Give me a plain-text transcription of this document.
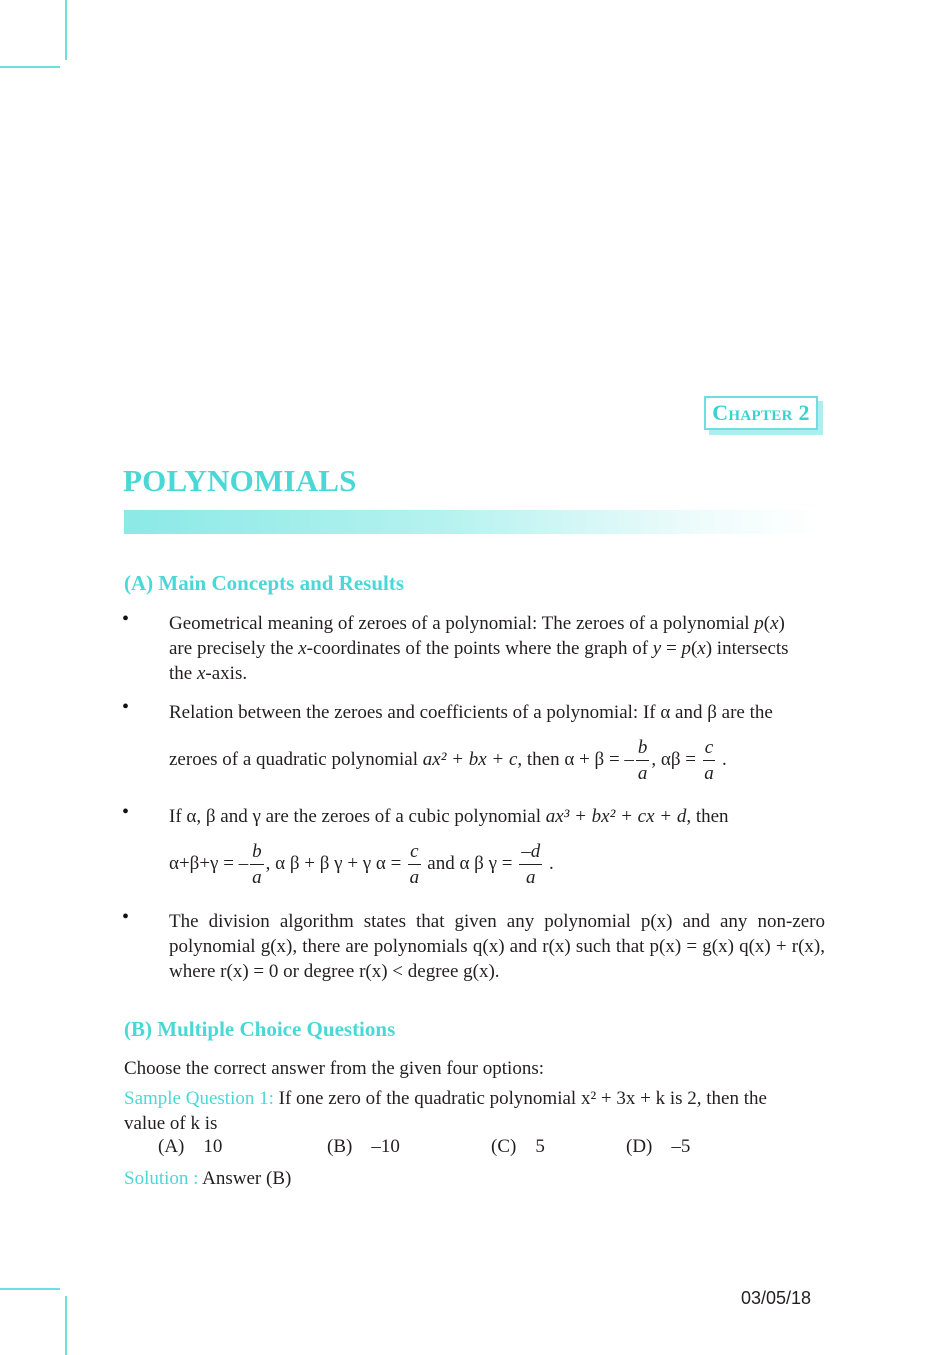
Chapter 2
POLYNOMIALS
(A) Main Concepts and Results
• Geometrical meaning of zeroes of a polynomial: The zeroes of a polynomial p(x)
are precisely the x-coordinates of the points where the graph of y = p(x) intersects
the x-axis.
• Relation between the zeroes and coefficients of a polynomial: If α and β are the
zeroes of a quadratic polynomial ax² + bx + c, then α + β = – $\frac{b}{a}$ , $\alpha\beta = \frac{c}{a}$ .
• If α, β and γ are the zeroes of a cubic polynomial ax³ + bx² + cx + d, then
α+β+γ = – $\frac{b}{a}$ , α β + β γ + γ $\alpha = \frac{c}{a}$ and α β $\gamma = \frac{-d}{a}$ .
• The division algorithm states that given any polynomial p(x) and any non-zero polynomial g(x), there are polynomials q(x) and r(x) such that p(x) = g(x) q(x) + r(x), where r(x) = 0 or degree r(x) < degree g(x).
(B) Multiple Choice Questions
Choose the correct answer from the given four options:
Sample Question 1: If one zero of the quadratic polynomial x² + 3x + k is 2, then the
value of k is
(A) 10	(B) –10	(C) 5	(D) –5
Solution : Answer (B)
03/05/18
